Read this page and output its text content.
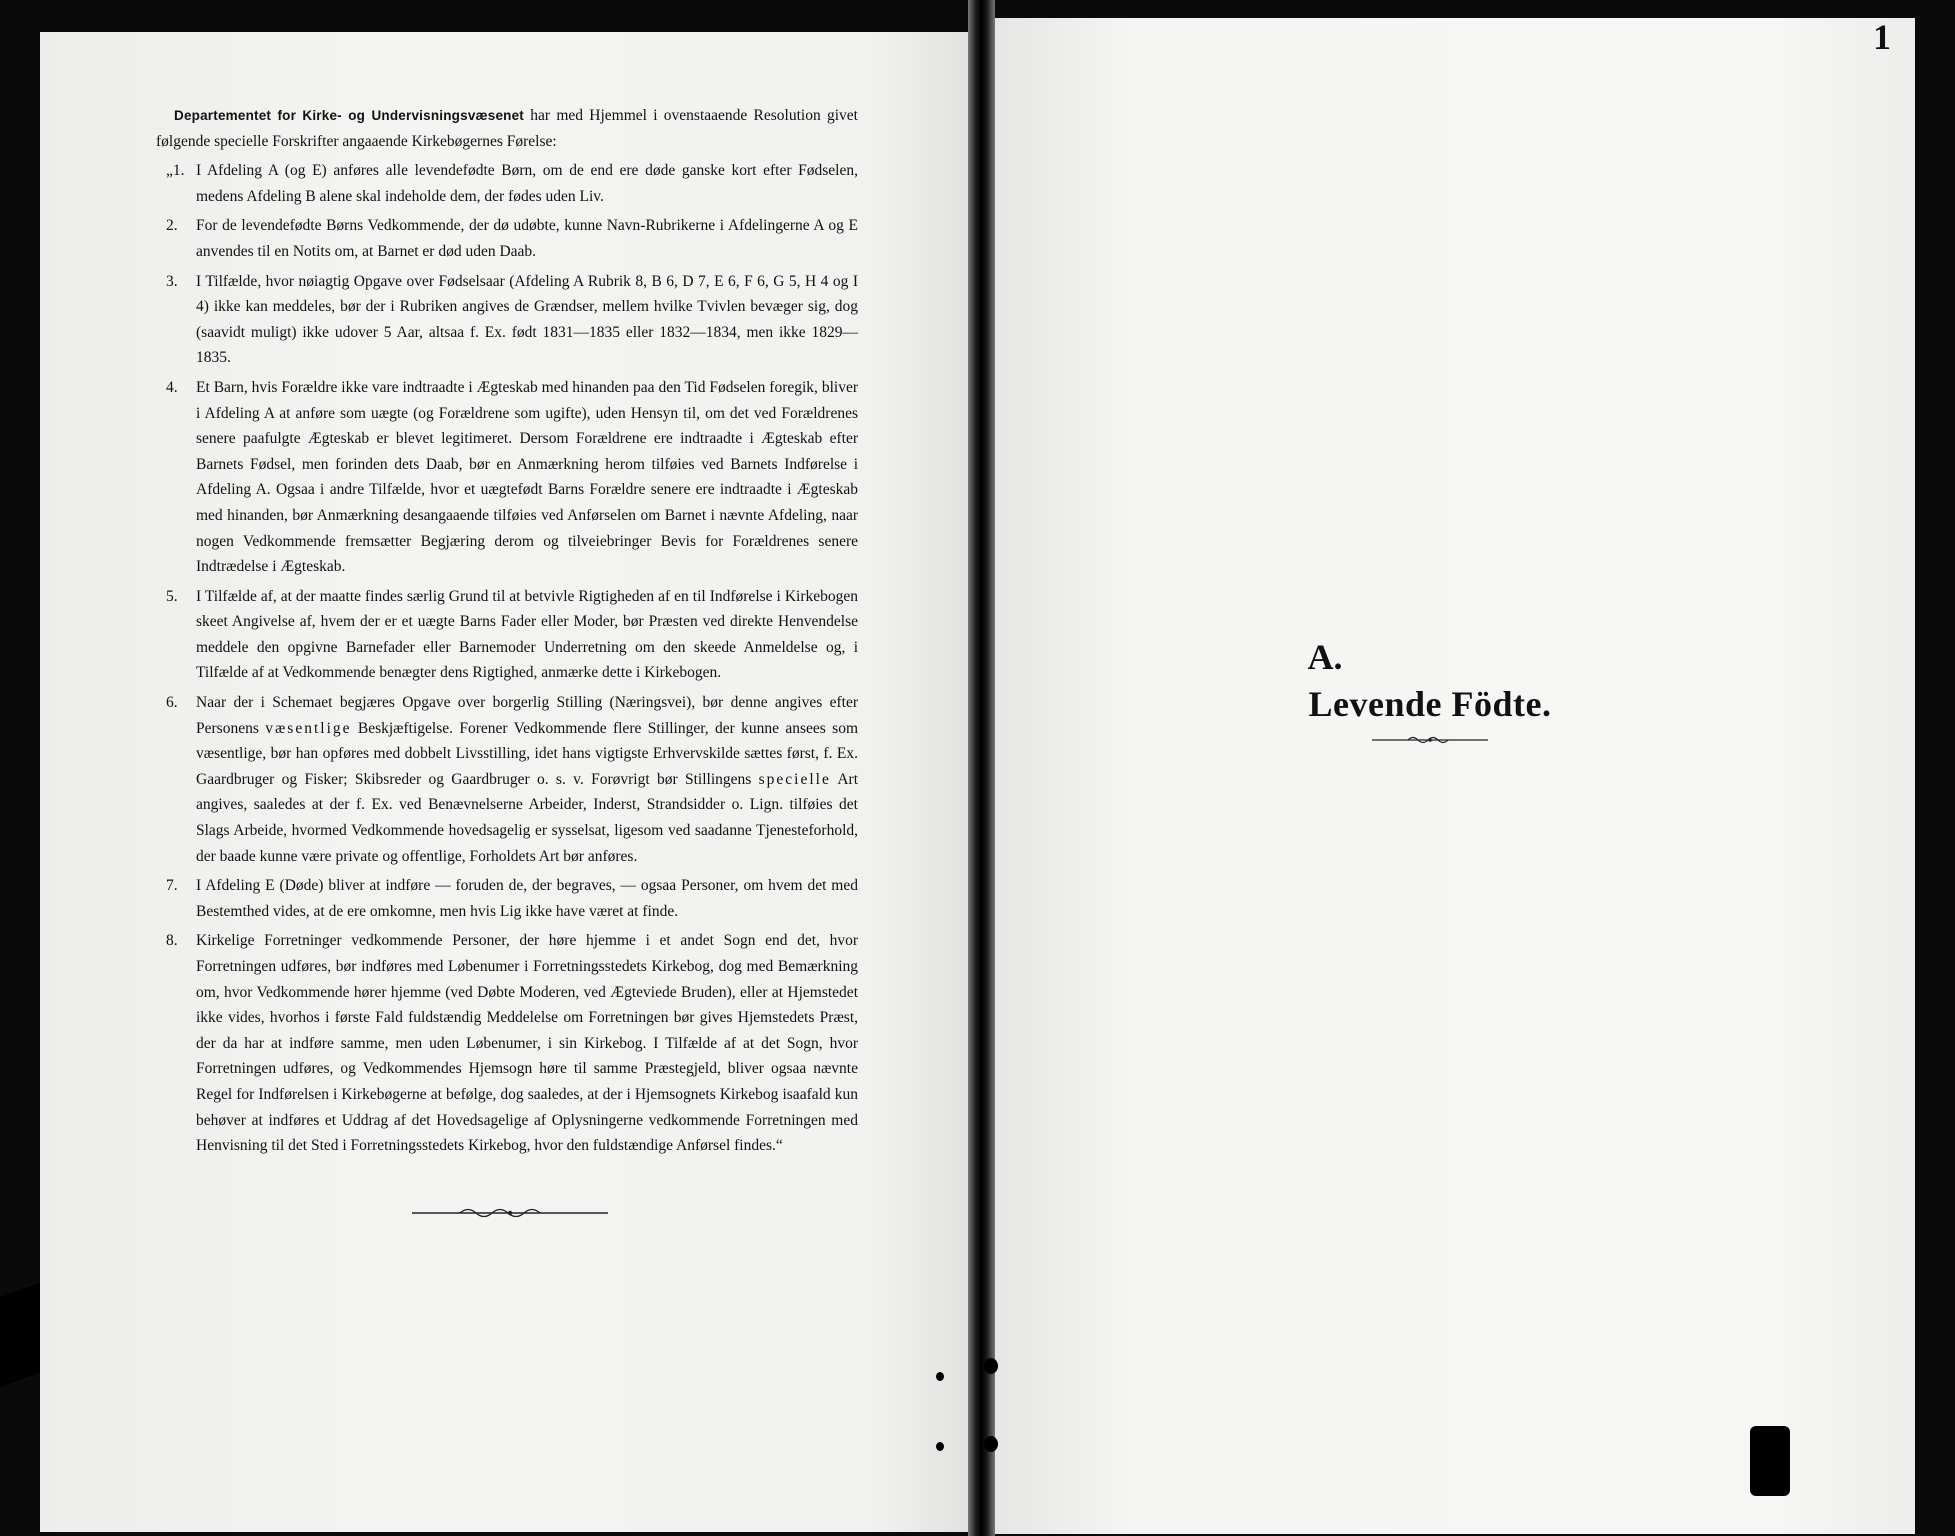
Departementet for Kirke- og Undervisningsvæsenet har med Hjemmel i ovenstaaende Resolution givet følgende specielle Forskrifter angaaende Kirkebøgernes Førelse:

„1. I Afdeling A (og E) anføres alle levendefødte Børn, om de end ere døde ganske kort efter Fødselen, medens Afdeling B alene skal indeholde dem, der fødes uden Liv.

2.	For de levendefødte Børns Vedkommende, der dø udøbte, kunne Navn-Rubrikerne i Afdelingerne A og E anvendes til en Notits om, at Barnet er død uden Daab.

3.	I Tilfælde, hvor nøiagtig Opgave over Fødselsaar (Afdeling A Rubrik 8, B 6, D 7, E 6, F 6, G 5, H 4 og I 4) ikke kan meddeles, bør der i Rubriken angives de Grændser, mellem hvilke Tvivlen bevæger sig, dog (saavidt muligt) ikke udover 5 Aar, altsaa f. Ex. født 1831—1835 eller 1832—1834, men ikke 1829—1835.

4.	Et Barn, hvis Forældre ikke vare indtraadte i Ægteskab med hinanden paa den Tid Fødselen foregik, bliver i Afdeling A at anføre som uægte (og Forældrene som ugifte), uden Hensyn til, om det ved Forældrenes senere paafulgte Ægteskab er blevet legitimeret. Dersom Forældrene ere indtraadte i Ægteskab efter Barnets Fødsel, men forinden dets Daab, bør en Anmærkning herom tilføies ved Barnets Indførelse i Afdeling A. Ogsaa i andre Tilfælde, hvor et uægtefødt Barns Forældre senere ere indtraadte i Ægteskab med hinanden, bør Anmærkning desangaaende tilføies ved Anførselen om Barnet i nævnte Afdeling, naar nogen Vedkommende fremsætter Begjæring derom og tilveiebringer Bevis for Forældrenes senere Indtrædelse i Ægteskab.

5.	I Tilfælde af, at der maatte findes særlig Grund til at betvivle Rigtigheden af en til Indførelse i Kirkebogen skeet Angivelse af, hvem der er et uægte Barns Fader eller Moder, bør Præsten ved direkte Henvendelse meddele den opgivne Barnefader eller Barnemoder Underretning om den skeede Anmeldelse og, i Tilfælde af at Vedkommende benægter dens Rigtighed, anmærke dette i Kirkebogen.

6.	Naar der i Schemaet begjæres Opgave over borgerlig Stilling (Næringsvei), bør denne angives efter Personens væsentlige Beskjæftigelse. Forener Vedkommende flere Stillinger, der kunne ansees som væsentlige, bør han opføres med dobbelt Livsstilling, idet hans vigtigste Erhvervskilde sættes først, f. Ex. Gaardbruger og Fisker; Skibsreder og Gaardbruger o. s. v. Forøvrigt bør Stillingens specielle Art angives, saaledes at der f. Ex. ved Benævnelserne Arbeider, Inderst, Strandsidder o. Lign. tilføies det Slags Arbeide, hvormed Vedkommende hovedsagelig er sysselsat, ligesom ved saadanne Tjenesteforhold, der baade kunne være private og offentlige, Forholdets Art bør anføres.

7.	I Afdeling E (Døde) bliver at indføre — foruden de, der begraves, — ogsaa Personer, om hvem det med Bestemthed vides, at de ere omkomne, men hvis Lig ikke have været at finde.

8.	Kirkelige Forretninger vedkommende Personer, der høre hjemme i et andet Sogn end det, hvor Forretningen udføres, bør indføres med Løbenumer i Forretningsstedets Kirkebog, dog med Bemærkning om, hvor Vedkommende hører hjemme (ved Døbte Moderen, ved Ægteviede Bruden), eller at Hjemstedet ikke vides, hvorhos i første Fald fuldstændig Meddelelse om Forretningen bør gives Hjemstedets Præst, der da har at indføre samme, men uden Løbenumer, i sin Kirkebog. I Tilfælde af at det Sogn, hvor Forretningen udføres, og Vedkommendes Hjemsogn høre til samme Præstegjeld, bliver ogsaa nævnte Regel for Indførelsen i Kirkebøgerne at befølge, dog saaledes, at der i Hjemsognets Kirkebog isaafald kun behøver at indføres et Uddrag af det Hovedsagelige af Oplysningerne vedkommende Forretningen med Henvisning til det Sted i Forretningsstedets Kirkebog, hvor den fuldstændige Anførsel findes.“

1
A.
Levende Födte.
